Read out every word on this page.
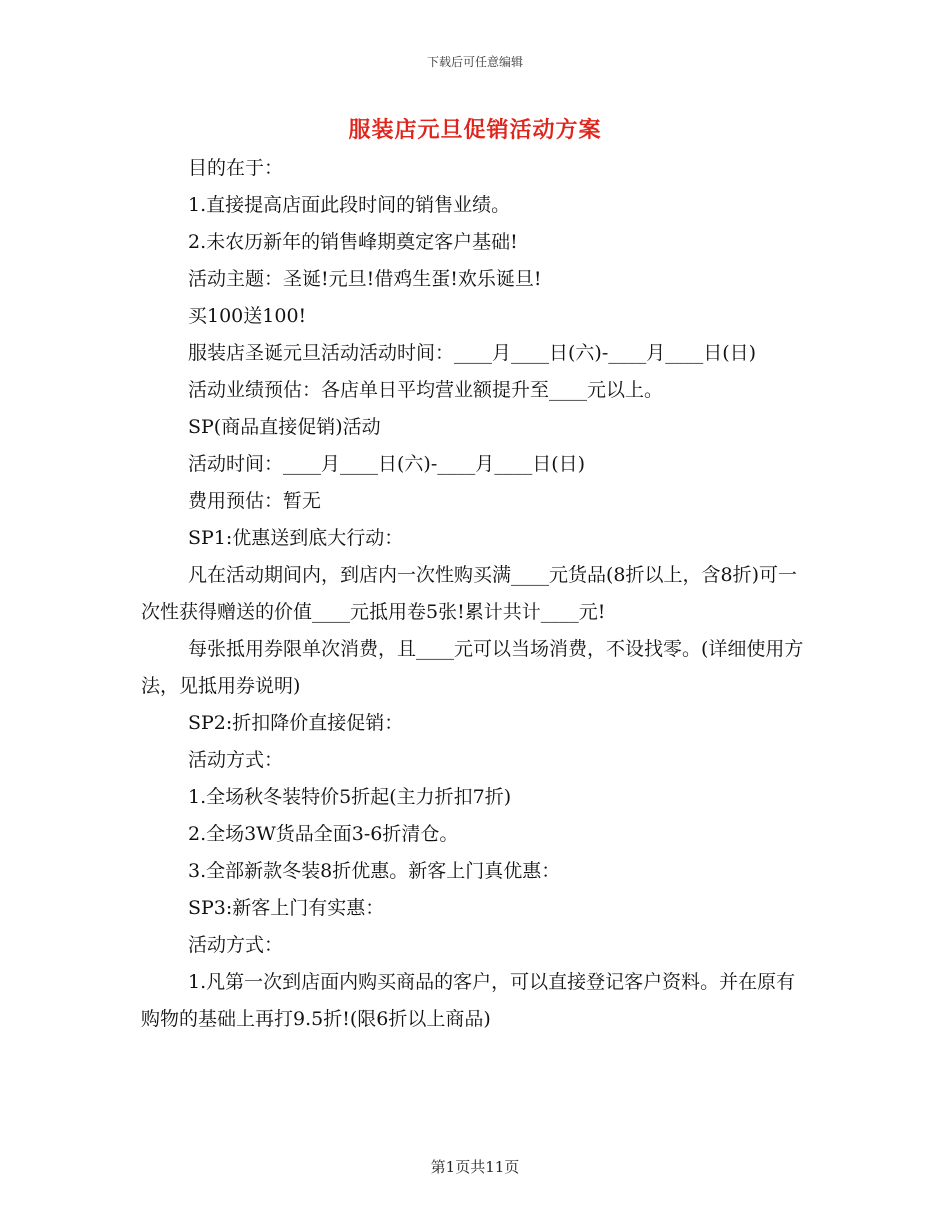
下载后可任意编辑
服装店元旦促销活动方案

目的在于：

1.直接提高店面此段时间的销售业绩。

2.未农历新年的销售峰期奠定客户基础!

活动主题：圣诞!元旦!借鸡生蛋!欢乐诞旦!

买100送100!

服装店圣诞元旦活动活动时间：____月____日(六)-____月____日(日)

活动业绩预估：各店单日平均营业额提升至____元以上。

SP(商品直接促销)活动

活动时间：____月____日(六)-____月____日(日)

费用预估：暂无

SP1:优惠送到底大行动：

凡在活动期间内，到店内一次性购买满____元货品(8折以上，含8折)可一次性获得赠送的价值____元抵用卷5张!累计共计____元!

每张抵用券限单次消费，且____元可以当场消费，不设找零。(详细使用方法，见抵用券说明)

SP2:折扣降价直接促销：

活动方式：

1.全场秋冬装特价5折起(主力折扣7折)

2.全场3W货品全面3-6折清仓。

3.全部新款冬装8折优惠。新客上门真优惠：

SP3:新客上门有实惠：

活动方式：

1.凡第一次到店面内购买商品的客户，可以直接登记客户资料。并在原有购物的基础上再打9.5折!(限6折以上商品)

第1页共11页
